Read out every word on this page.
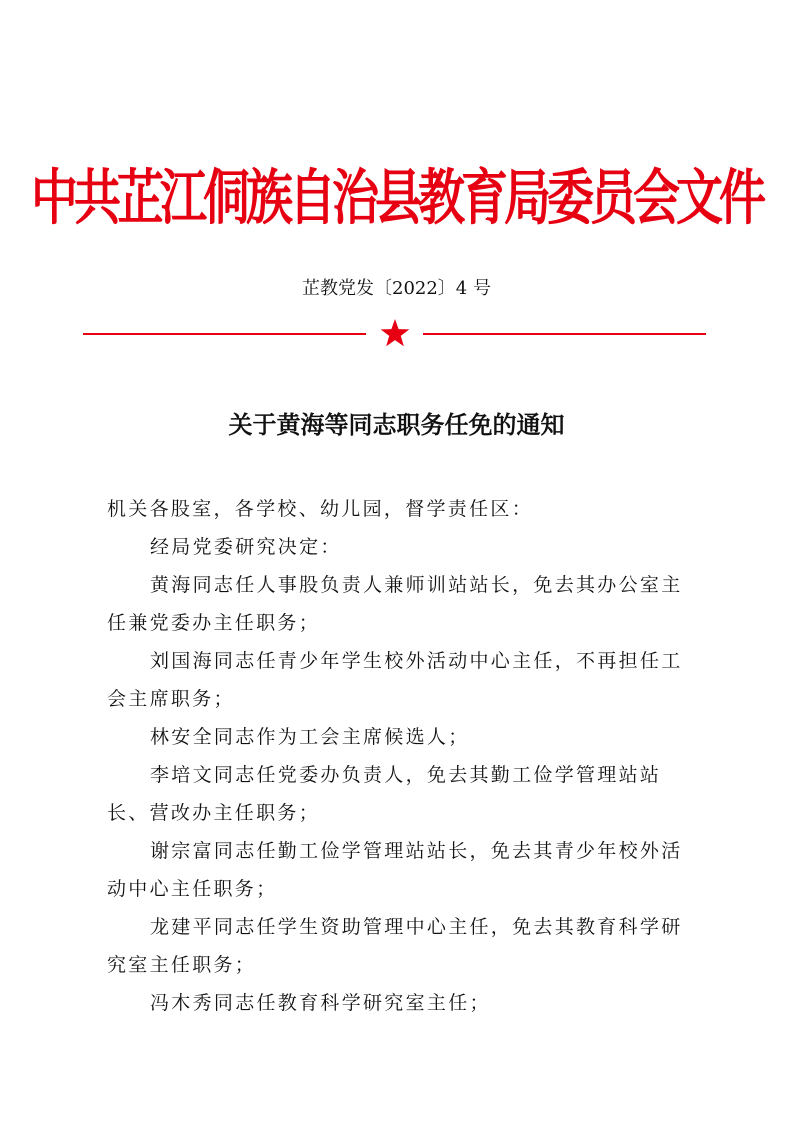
中共芷江侗族自治县教育局委员会文件
芷教党发〔2022〕4 号
关于黄海等同志职务任免的通知
机关各股室，各学校、幼儿园，督学责任区：

经局党委研究决定：

黄海同志任人事股负责人兼师训站站长，免去其办公室主任兼党委办主任职务；

刘国海同志任青少年学生校外活动中心主任，不再担任工会主席职务；

林安全同志作为工会主席候选人；

李培文同志任党委办负责人，免去其勤工俭学管理站站长、营改办主任职务；

谢宗富同志任勤工俭学管理站站长，免去其青少年校外活动中心主任职务；

龙建平同志任学生资助管理中心主任，免去其教育科学研究室主任职务；

冯木秀同志任教育科学研究室主任；
